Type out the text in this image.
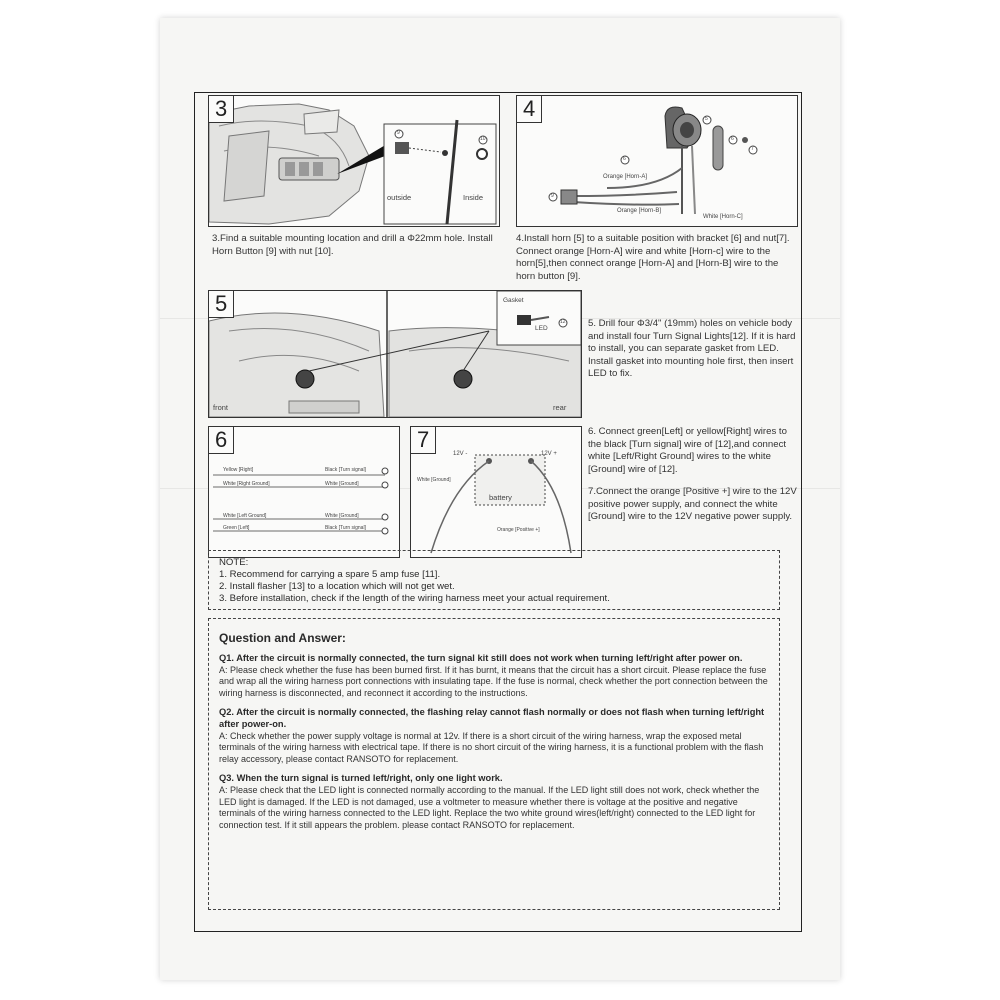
9
10
outside	Inside
3
3.Find a suitable mounting location and drill a Φ22mm hole. Install Horn Button [9] with nut [10].
9
6
5
6
7
Orange [Horn-A]
Orange [Horn-B]
White [Horn-C]
4
4.Install horn [5] to a suitable position with bracket [6] and nut[7]. Connect orange [Horn-A] wire and white [Horn-c] wire to the horn[5],then connect orange [Horn-A] and [Horn-B] wire to the horn button [9].
Gasket
LED
12
front	rear
5
5. Drill four Φ3/4" (19mm) holes on vehicle body and install four Turn Signal Lights[12]. If it is hard to install, you can separate gasket from LED. Install gasket into mounting hole first, then insert LED to fix.
Yellow [Right]
White [Right Ground]
White [Left Ground]
Green [Left]
Black [Turn signal]
White [Ground]
White [Ground]
Black [Turn signal]
6
12V -	12V +
battery
White [Ground]
Orange [Positive +]
7	6. Connect green[Left] or yellow[Right] wires to the black [Turn signal] wire of [12],and connect white [Left/Right Ground] wires to the white [Ground] wire of [12].
7.Connect the orange [Positive +] wire to the 12V positive power supply, and connect the white [Ground] wire to the 12V negative power supply.

NOTE:

1. Recommend for carrying a spare 5 amp fuse [11].

2. Install flasher [13] to a location which will not get wet.

3. Before installation, check if the length of the wiring harness meet your actual requirement.

Question and Answer:

Q1. After the circuit is normally connected, the turn signal kit still does not work when turning left/right after power on.

A: Please check whether the fuse has been burned first. If it has burnt, it means that the circuit has a short circuit. Please replace the fuse and wrap all the wiring harness port connections with insulating tape. If the fuse is normal, check whether the port connection between the wiring harness is disconnected, and reconnect it according to the instructions.

Q2. After the circuit is normally connected, the flashing relay cannot flash normally or does not flash when turning left/right after power-on.

A: Check whether the power supply voltage is normal at 12v. If there is a short circuit of the wiring harness, wrap the exposed metal terminals of the wiring harness with electrical tape. If there is no short circuit of the wiring harness, it is a functional problem with the flash relay accessory, please contact RANSOTO for replacement.

Q3. When the turn signal is turned left/right, only one light work.

A: Please check that the LED light is connected normally according to the manual. If the LED light still does not work, check whether the LED light is damaged. If the LED is not damaged, use a voltmeter to measure whether there is voltage at the positive and negative terminals of the wiring harness connected to the LED light. Replace the two white ground wires(left/right) connected to the LED light for connection test. If it still appears the problem. please contact RANSOTO for replacement.
